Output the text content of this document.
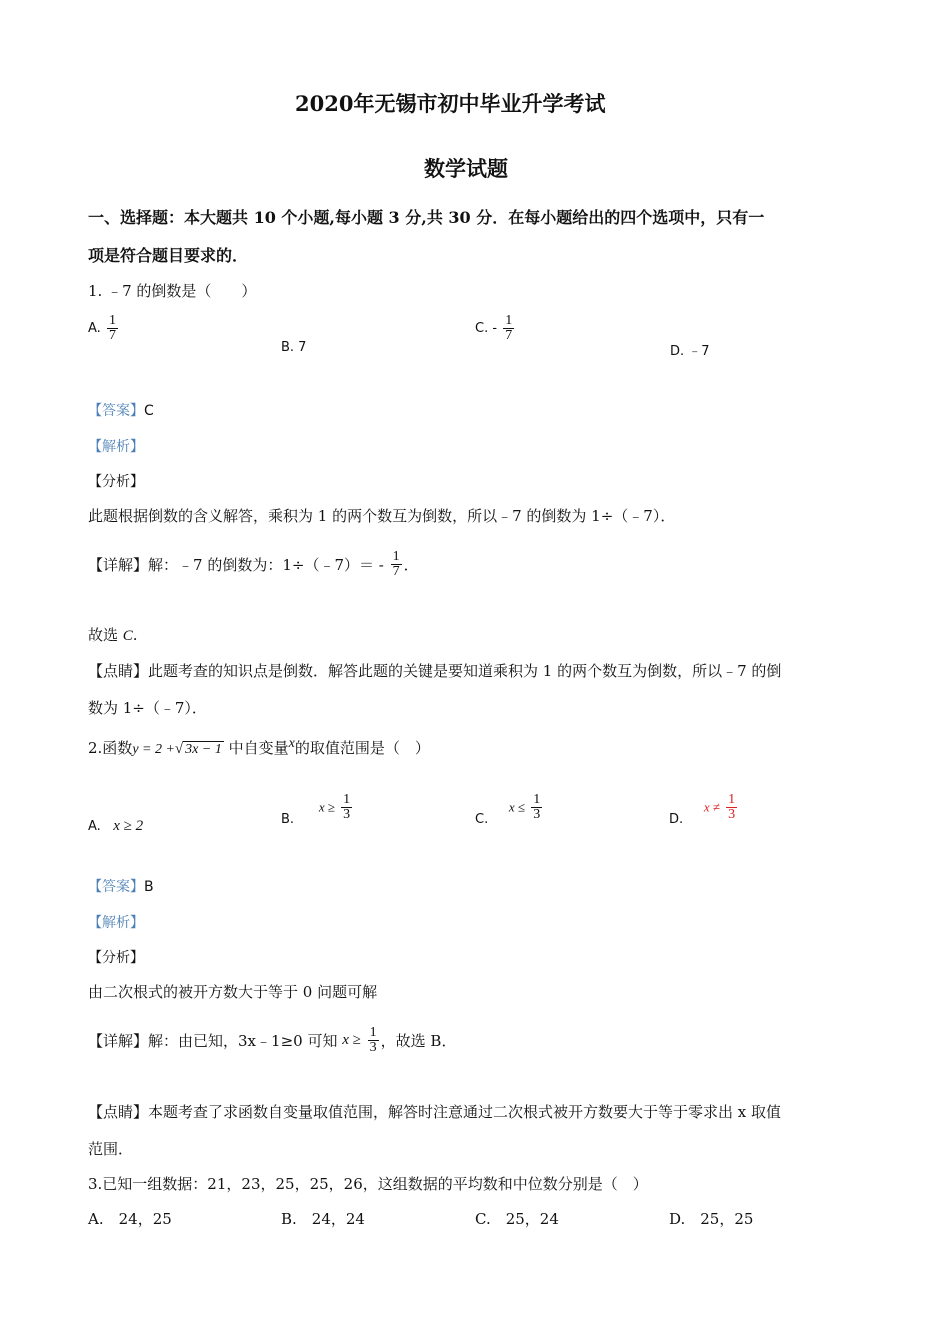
2020年无锡市初中毕业升学考试
数学试题
一、选择题：本大题共 10 个小题,每小题 3 分,共 30 分．在每小题给出的四个选项中，只有一
项是符合题目要求的．
1. ﹣7 的倒数是（　　）
A. $\frac{1}{7}$
B. 7
C. - $\frac{1}{7}$
D. ﹣7
【答案】C
【解析】
【分析】
此题根据倒数的含义解答，乘积为 1 的两个数互为倒数，所以﹣7 的倒数为 1÷（﹣7）．
【详解】解：﹣7 的倒数为：1÷（﹣7）＝ - $\frac{1}{7}$ ．
故选 C.
【点睛】此题考查的知识点是倒数．解答此题的关键是要知道乘积为 1 的两个数互为倒数，所以﹣7 的倒
数为 1÷（﹣7）．
2.函数y = 2 +√ 3x − 1 中自变量x的取值范围是（　）
A. x ≥ 2	B.      $x \ge \frac{1}{3}$	C.     $x \le \frac{1}{3}$	D.     $x \ne \frac{1}{3}$
【答案】B
【解析】
【分析】
由二次根式的被开方数大于等于 0 问题可解
【详解】解：由已知，3x﹣1≥0 可知 $x \ge \frac{1}{3}$ ，故选 B．
【点睛】本题考查了求函数自变量取值范围，解答时注意通过二次根式被开方数要大于等于零求出 x 取值
范围．
3.已知一组数据：21，23，25，25，26，这组数据的平均数和中位数分别是（　）
A.　24，25	B.　24，24	C.　25，24	D.　25，25
